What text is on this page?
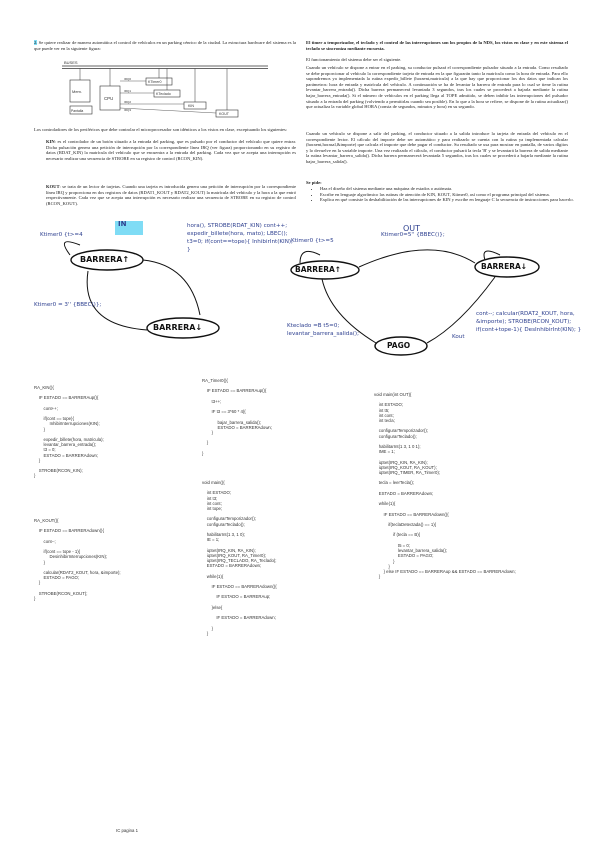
2. Se quiere realizar de manera automática el control de vehículos en un parking cénrico de la ciudad. La estructura hardware del sistema es la que puede ver en la siguiente figura:
BUSES
Mem.
CPU
Pantalla
KTimer0
KTeclado
KIN
KOUT
IRQ0
IRQ1
IRQ2
IRQ3
Los controladores de los periféricos que debe controlar el microprocesador son idénticos a los vistos en clase, exceptuando los siguientes:
KIN: es el controlador de un botón situado a la entrada del parking, que es pulsado por el conductor del vehículo que quiere entrar. Dicha pulsación genera una petición de interrupción por la correspondiente línea IRQ (ver figura) proporcionando en su registro de datos (RDAT_KIN) la matrícula del vehículo que se encuentra a la entrada del parking. Cada vez que se acepta una interrupción es necesario realizar una secuencia de STROBE en su registro de control (RCON_KIN).
KOUT: se trata de un lector de tarjetas. Cuando una tarjeta es introducida genera una petición de interrupción por la correspondiente línea IRQ y proporciona en dos registros de datos (RDAT1_KOUT y RDAT2_KOUT) la matrícula del vehículo y la hora a la que entró respectivamente. Cada vez que se acepta una interrupción es necesario realizar una secuencia de STROBE en su registro de control (RCON_KOUT).
El timer a temporizador, el teclado y el control de las interrupciones son los propios de la NDS, los vistos en clase y en este sistema el teclado se sincroniza mediante encuesta.
El funcionamiento del sistema debe ser el siguiente.
Cuando un vehículo se dispone a entrar en el parking, su conductor pulsará el correspondiente pulsador situado a la entrada. Como resultado se debe proporcionar al vehículo la correspondiente tarjeta de entrada en la que figurarán tanto la matrícula como la hora de entrada. Para ello supondremos ya implementada la rutina expedir_billete (horaent,matricula) a la que hay que proporcionar los dos datos que indican los parámetros: hora de entrada y matrícula del vehículo. A continuación se ha de levantar la barrera de entrada para lo cual se tiene la rutina levantar_barrera_entrada(). Dicha barrera permanecerá levantada 3 segundos, tras los cuales se procederá a bajarla mediante la rutina bajar_barrera_entrada(). Si el número de vehículos en el parking llega al TOPE admitido, se deben inhibir las interrupciones del pulsador situado a la entrada del parking (volviendo a permitirlas cuando sea posible). En lo que a la hora se refiere, se dispone de la rutina actualizar() que actualiza la variable global HORA (consta de segundos, minutos y hora) en su segundo.
Cuando un vehículo se dispone a salir del parking, el conductor situado a la salida introduce la tarjeta de entrada del vehículo en el correspondiente lector. El cálculo del importe debe ser automático y para realizarlo se cuenta con la rutina ya implementada calcular (horaent,horasal,&importe) que calcula el importe que debe pagar el conductor. Su resultado se usa para mostrar en pantalla, de varios dígitos y lo devuelve en la variable importe. Una vez realizado el cálculo, el conductor pulsará la tecla 'B' y se levantará la barrera de salida mediante la rutina levantar_barrera_salida(). Dicha barrera permanecerá levantada 5 segundos, tras los cuales se procederá a bajarla mediante la rutina bajar_barrera_salida().
Se pide:
• Haz el diseño del sistema mediante una máquina de estados o autómata.
• Escribe en lenguaje algorítmico las rutinas de atención de KIN, KOUT, Ktimer0, así como el programa principal del sistema.
• Explica en qué consiste la deshabilitación de las interrupciones de KIN y escribe en lenguaje C la secuencia de instrucciones para hacerlo.
OUT
IN
BARRERA↑
BARRERA↓
BARRERA↑	BARRERA↓
PAGO
Ktimer0 {t>=4
Ktimer0 = 3'' {BBEC()};
hora(), STROBE(RDAT_KIN) cont++; expedir_billete(hora, mato); LBEC(); t3=0; if(cont==tope){ InhibirInt(KIN); }
Ktimer0 {t>=5
Ktimer0=5'' {BBEC()};
Kteclado =B t5=0; levantar_barrera_salida();	Kout
cont--; calcular(RDAT2_KOUT, hora, &importe); STROBE(RCON_KOUT); if(cont+tope-1){ DesInhibirInt(KIN); }
RA_KIN(){

IF ESTADO == BARRERAup(){

cont++;

if(cont == tope){
InhibirInterrupciones(KIN);
}

expedir_billete(hora, matricula);
levantar_barrera_entrada();
t3 = 0;
ESTADO = BARRERAdown;
}

STROBE(RCON_KIN);
}
RA_KOUT(){

IF ESTADO == BARRERAdown(){

cont--;

if(cont == tope - 1){
DesinhibirInterrupciones(KIN);
}

calcular(RDAT2_KOUT, hora, &importe);
ESTADO = PAGO;
}

STROBE(RCON_KOUT);
}
RA_Timer0(){

IF ESTADO == BARRERAup(){

t3++;

IF t3 == 3*60 * 4){

bajar_barrera_salida();
ESTADO = BARRERAdown;
}

}

}
void main(){

int ESTADO;
int t3;
int cont;
int tope;

configurarTemporizador();
configurarTeclado();

habilitarInt(1 3, 1 0);
IE = 1;

iqSet(IRQ_KIN, RA_KIN);
iqSet(IRQ_KOUT, RA_Timer0);
iqSet(IRQ_TECLADO, RA_Teclado);
ESTADO = BARRERAdown;

while(1){

IF ESTADO == BARRERAdown(){

IF ESTADO = BARRERAup;

}else{

IF ESTADO = BARRERAdown;

}
}
void main(int OUT){

int ESTADO;
int t5;
int cont;
int tecla;

configurarTemporizador();
configurarTeclado();

habilitarInt(1 3, 1 0 1);
IME = 1;

iqSet(IRQ_KIN, RA_KIN);
iqSet(IRQ_KOUT, RA_KOUT);
iqSet(IRQ_TIMER, RA_Timer0);

tecla = leerTecla();

ESTADO = BARRERAdown;

while(1){

IF ESTADO == BARRERAdown(){

if(teclaDetectada() == 1){

if (tecla == B){

t5 = 0;
levantar_barrera_salida();
ESTADO = PAGO;
}
}
} else IF ESTADO == BARRERAup && ESTADO == BARRERAdown;
}
IC pagina 1
